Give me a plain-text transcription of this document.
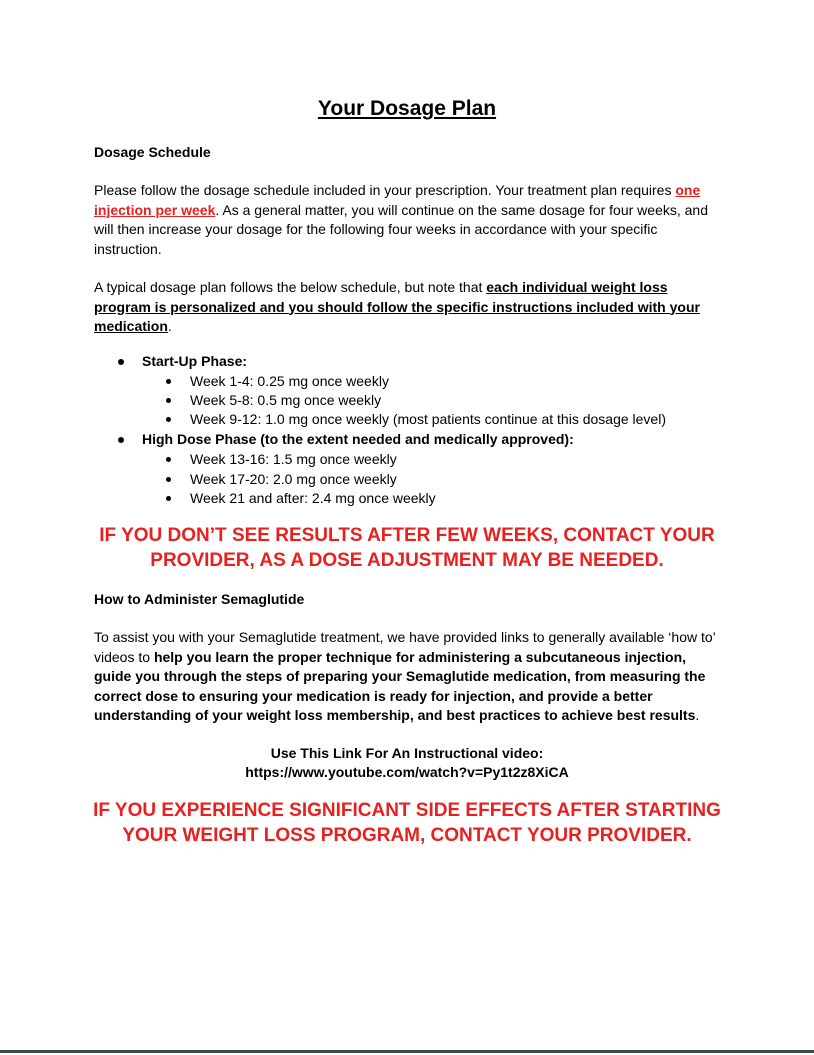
Your Dosage Plan
Dosage Schedule
Please follow the dosage schedule included in your prescription. Your treatment plan requires one injection per week. As a general matter, you will continue on the same dosage for four weeks, and will then increase your dosage for the following four weeks in accordance with your specific instruction.
A typical dosage plan follows the below schedule, but note that each individual weight loss program is personalized and you should follow the specific instructions included with your medication.
Start-Up Phase:
Week 1-4: 0.25 mg once weekly
Week 5-8: 0.5 mg once weekly
Week 9-12: 1.0 mg once weekly (most patients continue at this dosage level)
High Dose Phase (to the extent needed and medically approved):
Week 13-16: 1.5 mg once weekly
Week 17-20: 2.0 mg once weekly
Week 21 and after: 2.4 mg once weekly
IF YOU DON’T SEE RESULTS AFTER FEW WEEKS, CONTACT YOUR
PROVIDER, AS A DOSE ADJUSTMENT MAY BE NEEDED.
How to Administer Semaglutide
To assist you with your Semaglutide treatment, we have provided links to generally available ‘how to’ videos to help you learn the proper technique for administering a subcutaneous injection, guide you through the steps of preparing your Semaglutide medication, from measuring the correct dose to ensuring your medication is ready for injection, and provide a better understanding of your weight loss membership, and best practices to achieve best results.
Use This Link For An Instructional video:
https://www.youtube.com/watch?v=Py1t2z8XiCA
IF YOU EXPERIENCE SIGNIFICANT SIDE EFFECTS AFTER STARTING
YOUR WEIGHT LOSS PROGRAM, CONTACT YOUR PROVIDER.
